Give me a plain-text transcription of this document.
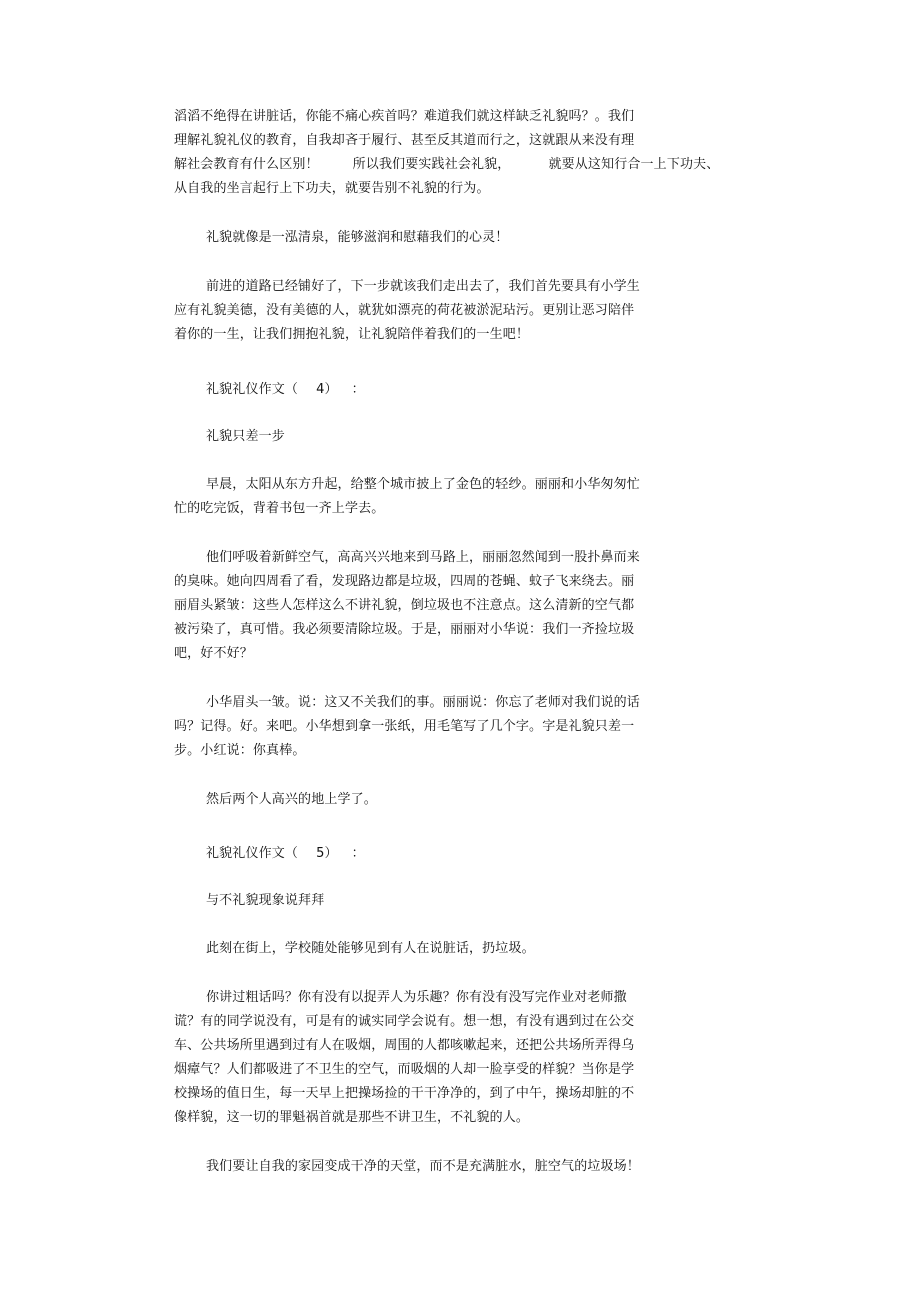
滔滔不绝得在讲脏话，你能不痛心疾首吗？难道我们就这样缺乏礼貌吗？。我们
理解礼貌礼仪的教育，自我却吝于履行、甚至反其道而行之，这就跟从来没有理
解社会教育有什么区别！	所以我们要实践社会礼貌，	就要从这知行合一上下功夫、
从自我的坐言起行上下功夫，就要告别不礼貌的行为。
礼貌就像是一泓清泉，能够滋润和慰藉我们的心灵！
前进的道路已经铺好了，下一步就该我们走出去了，我们首先要具有小学生
应有礼貌美德，没有美德的人，就犹如漂亮的荷花被淤泥玷污。更别让恶习陪伴
着你的一生，让我们拥抱礼貌，让礼貌陪伴着我们的一生吧！
礼貌礼仪作文（ 4） ：
礼貌只差一步
早晨，太阳从东方升起，给整个城市披上了金色的轻纱。丽丽和小华匆匆忙
忙的吃完饭，背着书包一齐上学去。
他们呼吸着新鲜空气，高高兴兴地来到马路上，丽丽忽然闻到一股扑鼻而来
的臭味。她向四周看了看，发现路边都是垃圾，四周的苍蝇、蚊子飞来绕去。丽
丽眉头紧皱：这些人怎样这么不讲礼貌，倒垃圾也不注意点。这么清新的空气都
被污染了，真可惜。我必须要清除垃圾。于是，丽丽对小华说：我们一齐捡垃圾
吧，好不好？
小华眉头一皱。说：这又不关我们的事。丽丽说：你忘了老师对我们说的话
吗？记得。好。来吧。小华想到拿一张纸，用毛笔写了几个字。字是礼貌只差一
步。小红说：你真棒。
然后两个人高兴的地上学了。
礼貌礼仪作文（ 5） ：
与不礼貌现象说拜拜
此刻在街上，学校随处能够见到有人在说脏话，扔垃圾。
你讲过粗话吗？你有没有以捉弄人为乐趣？你有没有没写完作业对老师撒
谎？有的同学说没有，可是有的诚实同学会说有。想一想，有没有遇到过在公交
车、公共场所里遇到过有人在吸烟，周围的人都咳嗽起来，还把公共场所弄得乌
烟瘴气？人们都吸进了不卫生的空气，而吸烟的人却一脸享受的样貌？当你是学
校操场的值日生，每一天早上把操场捡的干干净净的，到了中午，操场却脏的不
像样貌，这一切的罪魁祸首就是那些不讲卫生，不礼貌的人。
我们要让自我的家园变成干净的天堂，而不是充满脏水，脏空气的垃圾场！
